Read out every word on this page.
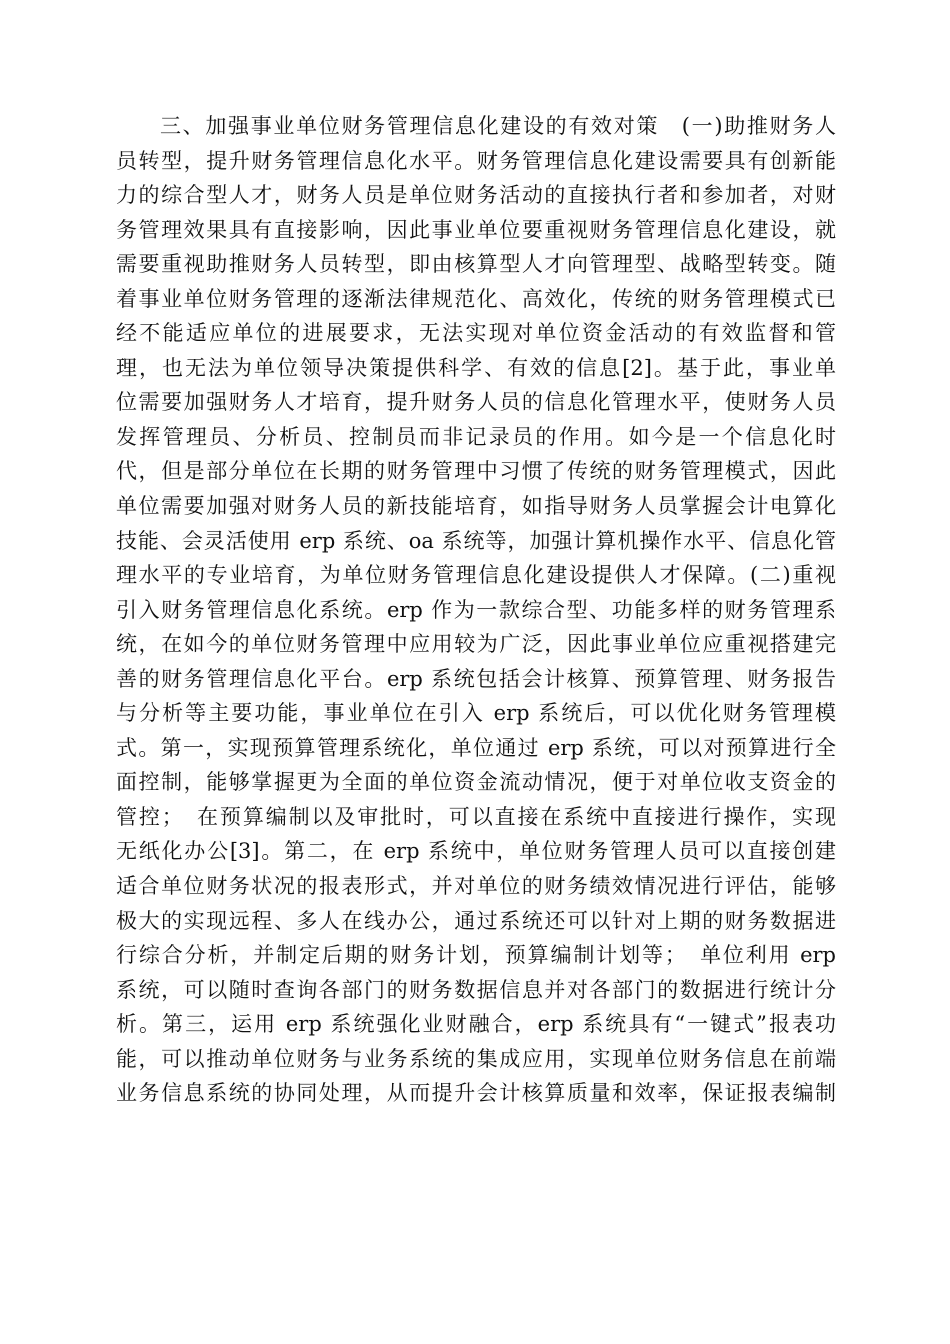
三、加强事业单位财务管理信息化建设的有效对策　(一)助推财务人
员转型，提升财务管理信息化水平。财务管理信息化建设需要具有创新能
力的综合型人才，财务人员是单位财务活动的直接执行者和参加者，对财
务管理效果具有直接影响，因此事业单位要重视财务管理信息化建设，就
需要重视助推财务人员转型，即由核算型人才向管理型、战略型转变。随
着事业单位财务管理的逐渐法律规范化、高效化，传统的财务管理模式已
经不能适应单位的进展要求，无法实现对单位资金活动的有效监督和管
理，也无法为单位领导决策提供科学、有效的信息[2]。基于此，事业单
位需要加强财务人才培育，提升财务人员的信息化管理水平，使财务人员
发挥管理员、分析员、控制员而非记录员的作用。如今是一个信息化时
代，但是部分单位在长期的财务管理中习惯了传统的财务管理模式，因此
单位需要加强对财务人员的新技能培育，如指导财务人员掌握会计电算化
技能、会灵活使用 erp 系统、oa 系统等，加强计算机操作水平、信息化管
理水平的专业培育，为单位财务管理信息化建设提供人才保障。(二)重视
引入财务管理信息化系统。erp 作为一款综合型、功能多样的财务管理系
统，在如今的单位财务管理中应用较为广泛，因此事业单位应重视搭建完
善的财务管理信息化平台。erp 系统包括会计核算、预算管理、财务报告
与分析等主要功能，事业单位在引入 erp 系统后，可以优化财务管理模
式。第一，实现预算管理系统化，单位通过 erp 系统，可以对预算进行全
面控制，能够掌握更为全面的单位资金流动情况，便于对单位收支资金的
管控；　在预算编制以及审批时，可以直接在系统中直接进行操作，实现
无纸化办公[3]。第二，在 erp 系统中，单位财务管理人员可以直接创建
适合单位财务状况的报表形式，并对单位的财务绩效情况进行评估，能够
极大的实现远程、多人在线办公，通过系统还可以针对上期的财务数据进
行综合分析，并制定后期的财务计划，预算编制计划等；　单位利用 erp
系统，可以随时查询各部门的财务数据信息并对各部门的数据进行统计分
析。第三，运用 erp 系统强化业财融合，erp 系统具有“一键式”报表功
能，可以推动单位财务与业务系统的集成应用，实现单位财务信息在前端
业务信息系统的协同处理，从而提升会计核算质量和效率，保证报表编制
